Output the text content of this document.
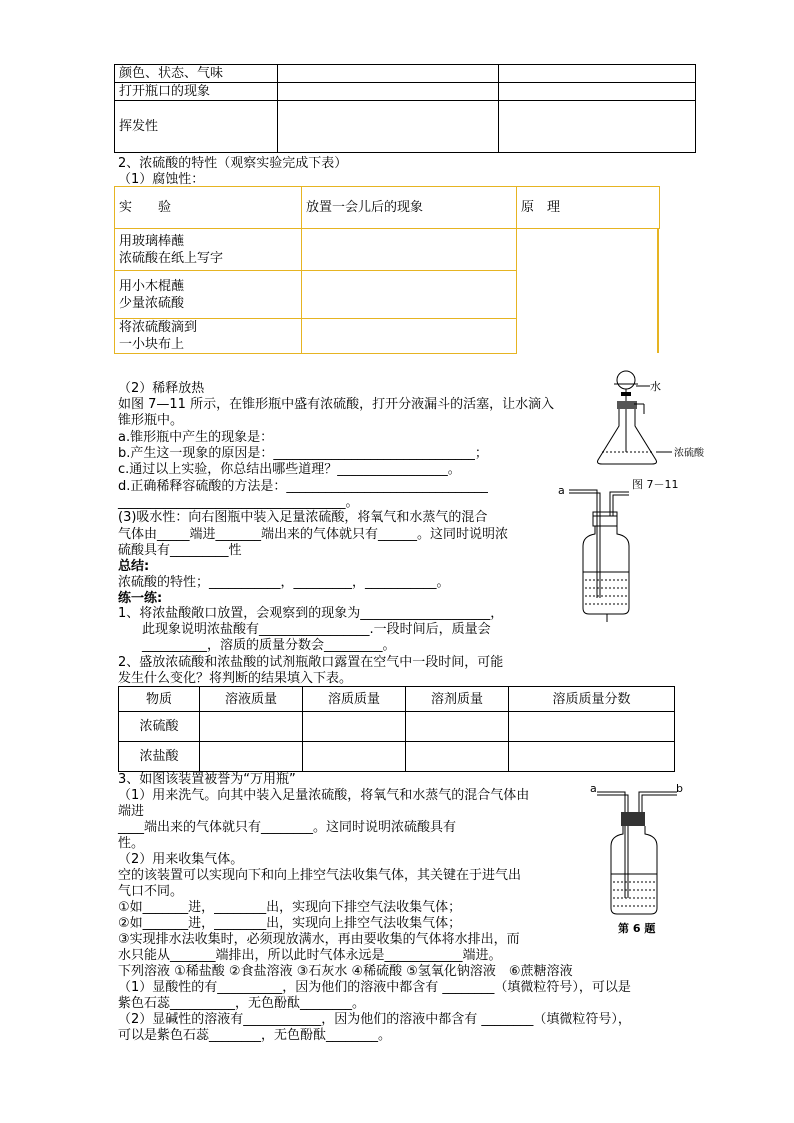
颜色、状态、气味		
打开瓶口的现象		
挥发性		
2、浓硫酸的特性（观察实验完成下表）
（1）腐蚀性：
实　　验	放置一会儿后的现象	原　理

用玻璃棒蘸
浓硫酸在纸上写字		

用小木棍蘸
少量浓硫酸		

将浓硫酸滴到
一小块布上		

（2）稀释放热
如图 7—11 所示，在锥形瓶中盛有浓硫酸，打开分液漏斗的活塞，让水滴入
锥形瓶中。
a.锥形瓶中产生的现象是：
b.产生这一现象的原因是：_______________________________；
c.通过以上实验，你总结出哪些道理？_________________。
d.正确稀释容硫酸的方法是：_______________________________
___________________________________。
(3)吸水性：向右图瓶中装入足量浓硫酸，将氧气和水蒸气的混合
气体由_____端进_______端出来的气体就只有______。这同时说明浓
硫酸具有_________性
总结:
浓硫酸的特性；___________，_________，___________。
练一练:
1、将浓盐酸敞口放置，会观察到的现象为____________________，
此现象说明浓盐酸有_________________.一段时间后，质量会
__________，溶质的质量分数会_________。
2、盛放浓硫酸和浓盐酸的试剂瓶敞口露置在空气中一段时间，可能
发生什么变化？将判断的结果填入下表。
物质	溶液质量	溶质质量	溶剂质量	溶质质量分数
浓硫酸				
浓盐酸				
3、如图该装置被誉为“万用瓶”
（1）用来洗气。向其中装入足量浓硫酸，将氧气和水蒸气的混合气体由
端进
____端出来的气体就只有________。这同时说明浓硫酸具有
性。
（2）用来收集气体。
空的该装置可以实现向下和向上排空气法收集气体，其关键在于进气出
气口不同。
①如_______进，________出，实现向下排空气法收集气体；
②如_______进，________出，实现向上排空气法收集气体；
③实现排水法收集时，必须现放满水，再由要收集的气体将水排出，而
水只能从_______端排出，所以此时气体永远是____________端进。
下列溶液 ①稀盐酸 ②食盐溶液 ③石灰水 ④稀硫酸 ⑤氢氧化钠溶液　⑥蔗糖溶液
（1）显酸性的有__________，因为他们的溶液中都含有 ________（填微粒符号），可以是
紫色石蕊__________，无色酚酞________。
（2）显碱性的溶液有____________，因为他们的溶液中都含有 ________（填微粒符号），
可以是紫色石蕊________，无色酚酞________。
水
浓硫酸
图 7－11
a
a	b
第 6 题
